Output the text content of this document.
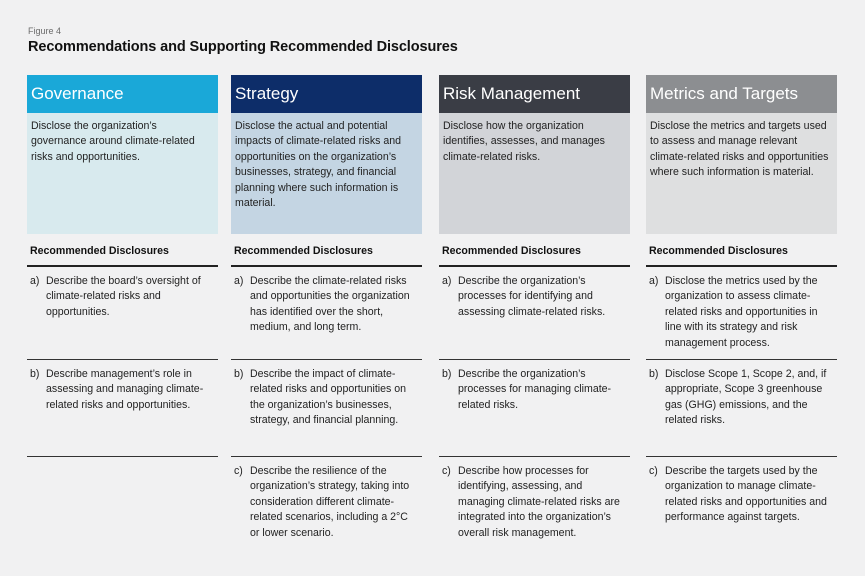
Figure 4
Recommendations and Supporting Recommended Disclosures
Governance
Disclose the organization’s governance around climate-related risks and opportunities.
Recommended Disclosures
a) Describe the board’s oversight of climate-related risks and opportunities.
b) Describe management’s role in assessing and managing climate-related risks and opportunities.
Strategy
Disclose the actual and potential impacts of climate-related risks and opportunities on the organization’s businesses, strategy, and financial planning where such information is material.
Recommended Disclosures
a) Describe the climate-related risks and opportunities the organization has identified over the short, medium, and long term.
b) Describe the impact of climate-related risks and opportunities on the organization’s businesses, strategy, and financial planning.
c) Describe the resilience of the organization’s strategy, taking into consideration different climate-related scenarios, including a 2°C or lower scenario.
Risk Management
Disclose how the organization identifies, assesses, and manages climate-related risks.
Recommended Disclosures
a) Describe the organization’s processes for identifying and assessing climate-related risks.
b) Describe the organization’s processes for managing climate-related risks.
c) Describe how processes for identifying, assessing, and managing climate-related risks are integrated into the organization’s overall risk management.
Metrics and Targets
Disclose the metrics and targets used to assess and manage relevant climate-related risks and opportunities where such information is material.
Recommended Disclosures
a) Disclose the metrics used by the organization to assess climate-related risks and opportunities in line with its strategy and risk management process.
b) Disclose Scope 1, Scope 2, and, if appropriate, Scope 3 greenhouse gas (GHG) emissions, and the related risks.
c) Describe the targets used by the organization to manage climate-related risks and opportunities and performance against targets.
